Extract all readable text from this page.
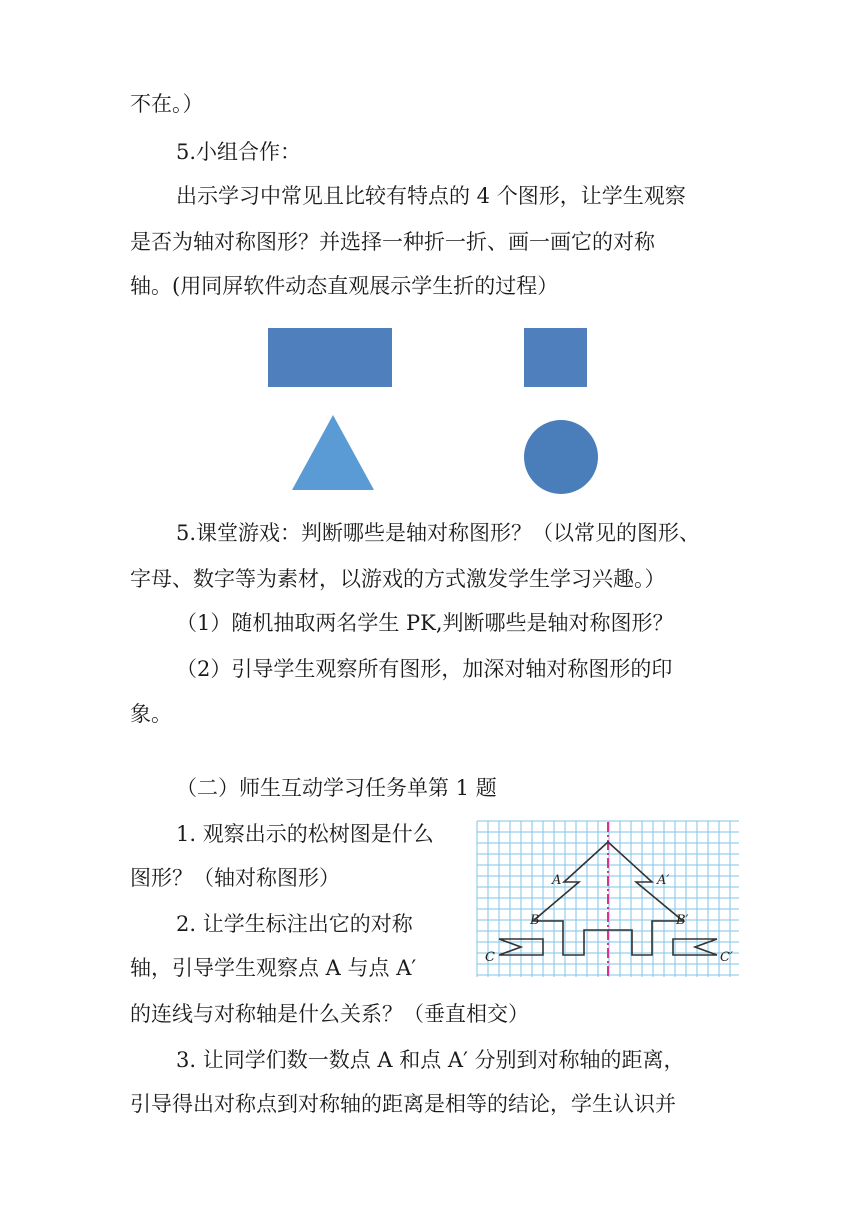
不在。）
5.小组合作：
出示学习中常见且比较有特点的 4 个图形，让学生观察
是否为轴对称图形？并选择一种折一折、画一画它的对称
轴。(用同屏软件动态直观展示学生折的过程）
5.课堂游戏：判断哪些是轴对称图形？（以常见的图形、
字母、数字等为素材，以游戏的方式激发学生学习兴趣。）
（1）随机抽取两名学生 PK,判断哪些是轴对称图形？
（2）引导学生观察所有图形，加深对轴对称图形的印
象。
（二）师生互动学习任务单第 1 题
1. 观察出示的松树图是什么
图形？（轴对称图形）
2. 让学生标注出它的对称
轴，引导学生观察点 A 与点 A′
的连线与对称轴是什么关系？（垂直相交）
3. 让同学们数一数点 A 和点 A′ 分别到对称轴的距离，
引导得出对称点到对称轴的距离是相等的结论，学生认识并
A	A′
B	B′
C	C′
